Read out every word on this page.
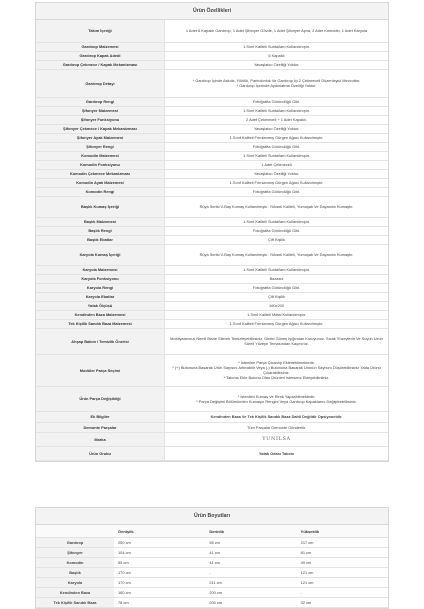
Ürün Özellikleri
Takım İçeriği	1 Adet 6 Kapaklı Gardırop, 1 Adet Şifonyer Gövde, 1 Adet Şifonyer Ayna, 2 Adet Komodin, 1 Adet Karyola

Gardırop Malzemesi	1.Sınıf Kaliteli Sunta/lam Kullanılmıştır.

Gardırop Kapak Adedi	6 Kapaklı

Gardırop Çekmece / Kapak Mekanizması	Yavaşlatıcı Özelliği Yoktur.

Gardırop Detayı	* Gardırop İçinde Askılık, Yüklük, Pantolonluk Ve Gardırop İçi 2 Çekmeceli Düzenleyici Mevcuttur.
* Gardırop İçerinde Aydınlatma Özelliği Yoktur.

Gardırop Rengi	Fotoğrafta Göründüğü Gibi.

Şifonyer Malzemesi	1.Sınıf Kaliteli Sunta/lam Kullanılmıştır.

Şifonyer Fonksiyonu	2 Adet Çekmeceli + 1 Adet Kapaklı.

Şifonyer Çekmece / Kapak Mekanizması	Yavaşlatıcı Özelliği Yoktur.

Şifonyer Ayak Malzemesi	1.Sınıf Kaliteli Fırınlanmış Gürgen Ağacı Kullanılmıştır.

Şifonyer Rengi	Fotoğrafta Göründüğü Gibi.

Komodin Malzemesi	1.Sınıf Kaliteli Sunta/lam Kullanılmıştır.

Komodin Fonksiyonu	1 Adet Çekmeceli

Komodin Çekmece Mekanizması	Yavaşlatıcı Özelliği Yoktur.

Komodin Ayak Malzemesi	1.Sınıf Kaliteli Fırınlanmış Gürgen Ağacı Kullanılmıştır.

Komodin Rengi	Fotoğrafta Göründüğü Gibi.

Başlık Kumaş İçeriği	Rüya Serisi V-Baş Kumaş Kullanılmıştır. Yüksek Kaliteli, Yumuşak Ve Dayanıklı Kumaştır.

Başlık Malzemesi	1.Sınıf Kaliteli Sunta/lam Kullanılmıştır.

Başlık Rengi	Fotoğrafta Göründüğü Gibi.

Başlık Ebatlar	Çift Kişilik

Karyola Kumaş İçeriği	Rüya Serisi V-Baş Kumaş Kullanılmıştır. Yüksek Kaliteli, Yumuşak Ve Dayanıklı Kumaştır.

Karyola Malzemesi	1.Sınıf Kaliteli Sunta/lam Kullanılmıştır.

Karyola Fonksiyonu	Bazasız

Karyola Rengi	Fotoğrafta Göründüğü Gibi.

Karyola Ebatlar	Çift Kişilik

Yatak Ölçüsü	160x200

Kendinden Baza Malzemesi	1.Sınıf Kaliteli Metal Kullanılmıştır.

Tek Kişilik Sandık Baza Malzemesi	1.Sınıf Kaliteli Fırınlanmış Gürgen Ağacı Kullanılmıştır.

Ahşap Bakım / Temizlik Önerisi	Mobilyalarınızı Nemli Bezle Silerek Temizleyebilirsiniz. Direkt Güneş Işığından Koruyunuz. Sıcak Yüzeylerin Ve Suyun Uzun Süreli Yüzeye Temasından Kaçınınız.

Modüler Parça Seçimi	* İstenilen Parça Çıkarılıp Eklenebilmektedir.
* (+) Butonuna Basarak Ürün Sayısını Arttırabilir Veya (-) Butonuna Basarak Ürünün Sayısını Düşürebilirsiniz Yada Ürünü Çıkarabilirsiniz.
* Takıma Ekle Butonu Olan Ürünleri İstersenz Ekleyebilirsiniz.

Ürün Parça Değişikliği	* İstenilen Kumaş Ve Renk Yapılabilmektedir.
* Parça Değişimi Bölümünden Kumaşın Rengini Veya Gardırop Kapaklarını Değiştirebilirsiniz.

Ek Bilgiler	Kendinden Baza Ve Tek Kişilik Sandık Baza Dahil Değildir Opsiyoneldir.

Demonte Parçalar	Tüm Parçalar Demonte Gönderilir.

Marka	YUNİLSA

Ürün Grubu	Yatak Odası Takımı
Ürün Boyutları
	Genişlik	Derinlik	Yükseklik
Gardırop	250 cm	55 cm	217 cm
Şifonyer	104 cm	41 cm	81 cm
Komodin	55 cm	41 cm	49 cm
Başlık	170 cm	-	121 cm
Karyola	170 cm	211 cm	121 cm
Kendinden Baza	160 cm	200 cm	-
Tek Kişilik Sandık Baza	78 cm	200 cm	32 cm
